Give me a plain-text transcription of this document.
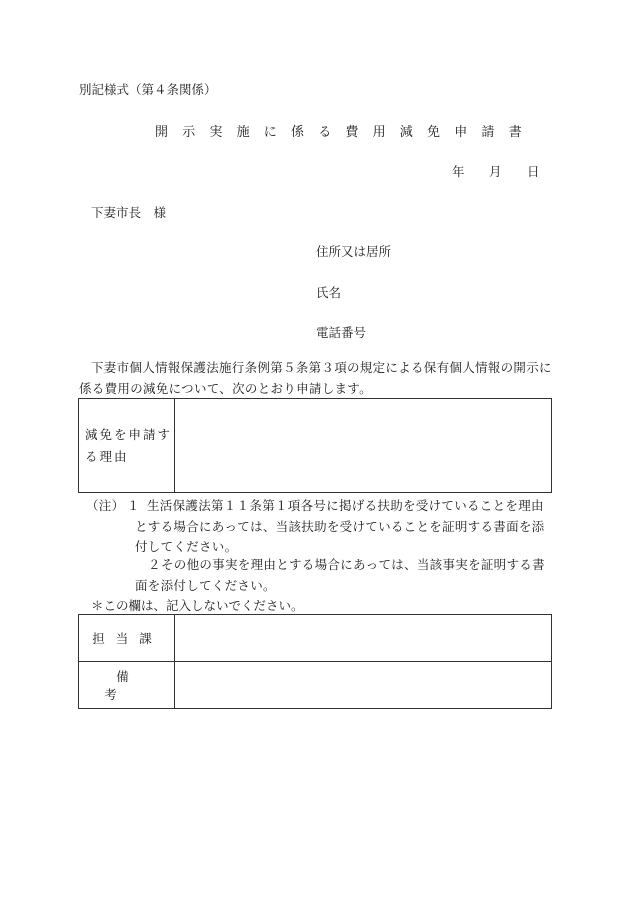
別記様式（第４条関係）
開示実施に係る費用減免申請書
年 月 日
下妻市長　様
住所又は居所
氏名
電話番号
下妻市個人情報保護法施行条例第５条第３項の規定による保有個人情報の開示に係る費用の減免について、次のとおり申請します。
減免を申請す
る理由

（注） １ 生活保護法第１１条第１項各号に掲げる扶助を受けていることを理由とする場合にあっては、当該扶助を受けていることを証明する書面を添付してください。
２ その他の事実を理由とする場合にあっては、当該事実を証明する書面を添付してください。
＊この欄は、記入しないでください。
担当課	
備考	
